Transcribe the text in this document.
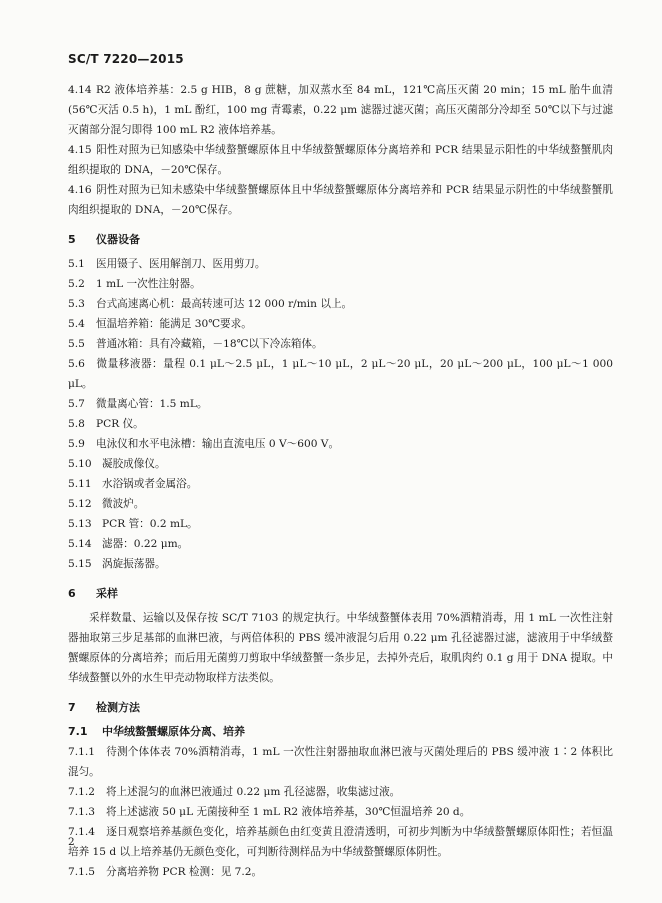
SC/T 7220—2015

4.14 R2 液体培养基：2.5 g HIB，8 g 蔗糖，加双蒸水至 84 mL，121℃高压灭菌 20 min；15 mL 胎牛血清(56℃灭活 0.5 h)，1 mL 酚红，100 mg 青霉素，0.22 μm 滤器过滤灭菌；高压灭菌部分冷却至 50℃以下与过滤灭菌部分混匀即得 100 mL R2 液体培养基。

4.15 阳性对照为已知感染中华绒螯蟹螺原体且中华绒螯蟹螺原体分离培养和 PCR 结果显示阳性的中华绒螯蟹肌肉组织提取的 DNA，－20℃保存。

4.16 阴性对照为已知未感染中华绒螯蟹螺原体且中华绒螯蟹螺原体分离培养和 PCR 结果显示阴性的中华绒螯蟹肌肉组织提取的 DNA，－20℃保存。

5 仪器设备

5.1 医用镊子、医用解剖刀、医用剪刀。

5.2 1 mL 一次性注射器。

5.3 台式高速离心机：最高转速可达 12 000 r/min 以上。

5.4 恒温培养箱：能满足 30℃要求。

5.5 普通冰箱：具有冷藏箱，－18℃以下冷冻箱体。

5.6 微量移液器：量程 0.1 μL～2.5 μL，1 μL～10 μL，2 μL～20 μL，20 μL～200 μL，100 μL～1 000 μL。

5.7 微量离心管：1.5 mL。

5.8 PCR 仪。

5.9 电泳仪和水平电泳槽：输出直流电压 0 V～600 V。

5.10 凝胶成像仪。

5.11 水浴锅或者金属浴。

5.12 微波炉。

5.13 PCR 管：0.2 mL。

5.14 滤器：0.22 μm。

5.15 涡旋振荡器。

6 采样

采样数量、运输以及保存按 SC/T 7103 的规定执行。中华绒螯蟹体表用 70%酒精消毒，用 1 mL 一次性注射器抽取第三步足基部的血淋巴液，与两倍体积的 PBS 缓冲液混匀后用 0.22 μm 孔径滤器过滤，滤液用于中华绒螯蟹螺原体的分离培养；而后用无菌剪刀剪取中华绒螯蟹一条步足，去掉外壳后，取肌肉约 0.1 g 用于 DNA 提取。中华绒螯蟹以外的水生甲壳动物取样方法类似。

7 检测方法

7.1 中华绒螯蟹螺原体分离、培养

7.1.1 待测个体体表 70%酒精消毒，1 mL 一次性注射器抽取血淋巴液与灭菌处理后的 PBS 缓冲液 1∶2 体积比混匀。

7.1.2 将上述混匀的血淋巴液通过 0.22 μm 孔径滤器，收集滤过液。

7.1.3 将上述滤液 50 μL 无菌接种至 1 mL R2 液体培养基，30℃恒温培养 20 d。

7.1.4 逐日观察培养基颜色变化，培养基颜色由红变黄且澄清透明，可初步判断为中华绒螯蟹螺原体阳性；若恒温培养 15 d 以上培养基仍无颜色变化，可判断待测样品为中华绒螯蟹螺原体阴性。

7.1.5 分离培养物 PCR 检测：见 7.2。

2
